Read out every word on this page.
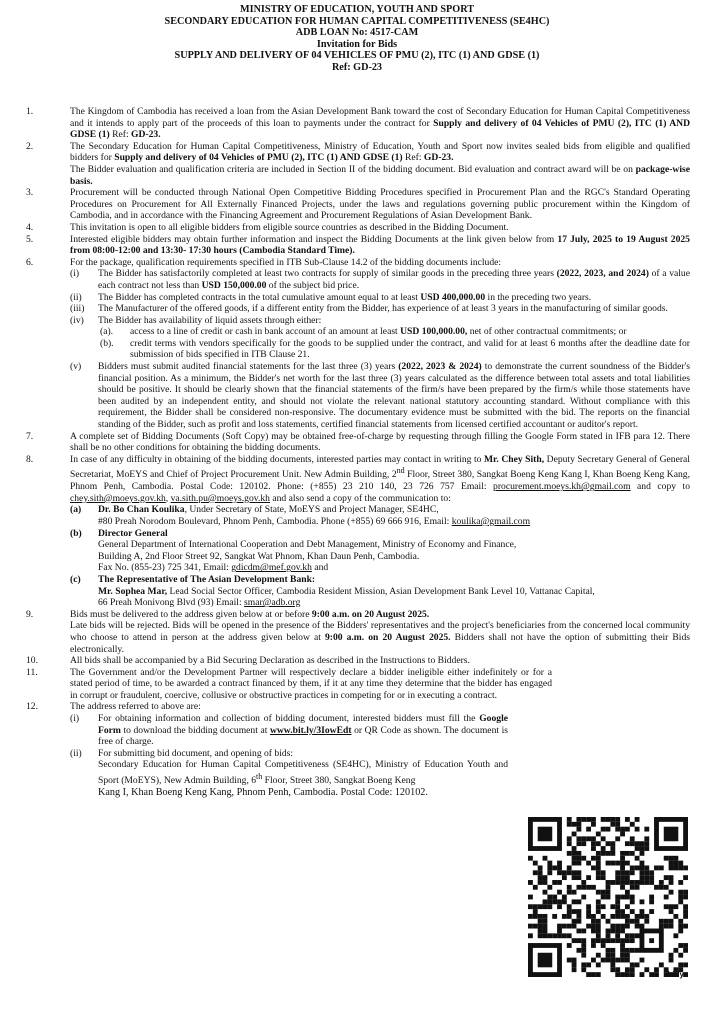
MINISTRY OF EDUCATION, YOUTH AND SPORT
SECONDARY EDUCATION FOR HUMAN CAPITAL COMPETITIVENESS (SE4HC)
ADB LOAN No: 4517-CAM
Invitation for Bids
SUPPLY AND DELIVERY OF 04 VEHICLES OF PMU (2), ITC (1) AND GDSE (1)
Ref: GD-23
1.	The Kingdom of Cambodia has received a loan from the Asian Development Bank toward the cost of Secondary Education for Human Capital Competitiveness and it intends to apply part of the proceeds of this loan to payments under the contract for Supply and delivery of 04 Vehicles of PMU (2), ITC (1) AND GDSE (1) Ref: GD-23.
2.	The Secondary Education for Human Capital Competitiveness, Ministry of Education, Youth and Sport now invites sealed bids from eligible and qualified bidders for Supply and delivery of 04 Vehicles of PMU (2), ITC (1) AND GDSE (1) Ref: GD-23.
The Bidder evaluation and qualification criteria are included in Section II of the bidding document. Bid evaluation and contract award will be on package-wise basis.
3.	Procurement will be conducted through National Open Competitive Bidding Procedures specified in Procurement Plan and the RGC's Standard Operating Procedures on Procurement for All Externally Financed Projects, under the laws and regulations governing public procurement within the Kingdom of Cambodia, and in accordance with the Financing Agreement and Procurement Regulations of Asian Development Bank.
4.	This invitation is open to all eligible bidders from eligible source countries as described in the Bidding Document.
5.	Interested eligible bidders may obtain further information and inspect the Bidding Documents at the link given below from 17 July, 2025 to 19 August 2025 from 08:00-12:00 and 13:30- 17:30 hours (Cambodia Standard Time).
6.	For the package, qualification requirements specified in ITB Sub-Clause 14.2 of the bidding documents include:
(i) The Bidder has satisfactorily completed at least two contracts for supply of similar goods in the preceding three years (2022, 2023, and 2024) of a value each contract not less than USD 150,000.00 of the subject bid price.
(ii) The Bidder has completed contracts in the total cumulative amount equal to at least USD 400,000.00 in the preceding two years.
(iii) The Manufacturer of the offered goods, if a different entity from the Bidder, has experience of at least 3 years in the manufacturing of similar goods.
(iv) The Bidder has availability of liquid assets through either:
(a). access to a line of credit or cash in bank account of an amount at least USD 100,000.00, net of other contractual commitments; or
(b). credit terms with vendors specifically for the goods to be supplied under the contract, and valid for at least 6 months after the deadline date for submission of bids specified in ITB Clause 21.
(v) Bidders must submit audited financial statements for the last three (3) years (2022, 2023 & 2024) to demonstrate the current soundness of the Bidder's financial position. As a minimum, the Bidder's net worth for the last three (3) years calculated as the difference between total assets and total liabilities should be positive. It should be clearly shown that the financial statements of the firm/s have been prepared by the firm/s while those statements have been audited by an independent entity, and should not violate the relevant national statutory accounting standard. Without compliance with this requirement, the Bidder shall be considered non-responsive. The documentary evidence must be submitted with the bid. The reports on the financial standing of the Bidder, such as profit and loss statements, certified financial statements from licensed certified accountant or auditor's report.
7.	A complete set of Bidding Documents (Soft Copy) may be obtained free-of-charge by requesting through filling the Google Form stated in IFB para 12. There shall be no other conditions for obtaining the bidding documents.
8.	In case of any difficulty in obtaining of the bidding documents, interested parties may contact in writing to Mr. Chey Sith, Deputy Secretary General of General Secretariat, MoEYS and Chief of Project Procurement Unit. New Admin Building, 2nd Floor, Street 380, Sangkat Boeng Keng Kang I, Khan Boeng Keng Kang, Phnom Penh, Cambodia. Postal Code: 120102. Phone: (+855) 23 210 140, 23 726 757 Email: procurement.moeys.kh@gmail.com and copy to chey.sith@moeys.gov.kh, va.sith.pu@moeys.gov.kh and also send a copy of the communication to:
(a) Dr. Bo Chan Koulika, Under Secretary of State, MoEYS and Project Manager, SE4HC,
#80 Preah Norodom Boulevard, Phnom Penh, Cambodia. Phone (+855) 69 666 916, Email: koulika@gmail.com
(b) Director General
General Department of International Cooperation and Debt Management, Ministry of Economy and Finance,
Building A, 2nd Floor Street 92, Sangkat Wat Phnom, Khan Daun Penh, Cambodia.
Fax No. (855-23) 725 341, Email: gdicdm@mef.gov.kh and
(c) The Representative of The Asian Development Bank:
Mr. Sophea Mar, Lead Social Sector Officer, Cambodia Resident Mission, Asian Development Bank Level 10, Vattanac Capital,
66 Preah Monivong Blvd (93) Email: smar@adb.org
9.	Bids must be delivered to the address given below at or before 9:00 a.m. on 20 August 2025.
Late bids will be rejected. Bids will be opened in the presence of the Bidders' representatives and the project's beneficiaries from the concerned local community who choose to attend in person at the address given below at 9:00 a.m. on 20 August 2025. Bidders shall not have the option of submitting their Bids electronically.
10.	All bids shall be accompanied by a Bid Securing Declaration as described in the Instructions to Bidders.
11.	The Government and/or the Development Partner will respectively declare a bidder ineligible either indefinitely or for a stated period of time, to be awarded a contract financed by them, if it at any time they determine that the bidder has engaged in corrupt or fraudulent, coercive, collusive or obstructive practices in competing for or in executing a contract.
12.	The address referred to above are:
(i) For obtaining information and collection of bidding document, interested bidders must fill the Google Form to download the bidding document at www.bit.ly/3IowEdt or QR Code as shown. The document is free of charge.
(ii) For submitting bid document, and opening of bids:
Secondary Education for Human Capital Competitiveness (SE4HC), Ministry of Education Youth and Sport (MoEYS), New Admin Building, 6th Floor, Street 380, Sangkat Boeng Keng
Kang I, Khan Boeng Keng Kang, Phnom Penh, Cambodia. Postal Code: 120102.
bitly
